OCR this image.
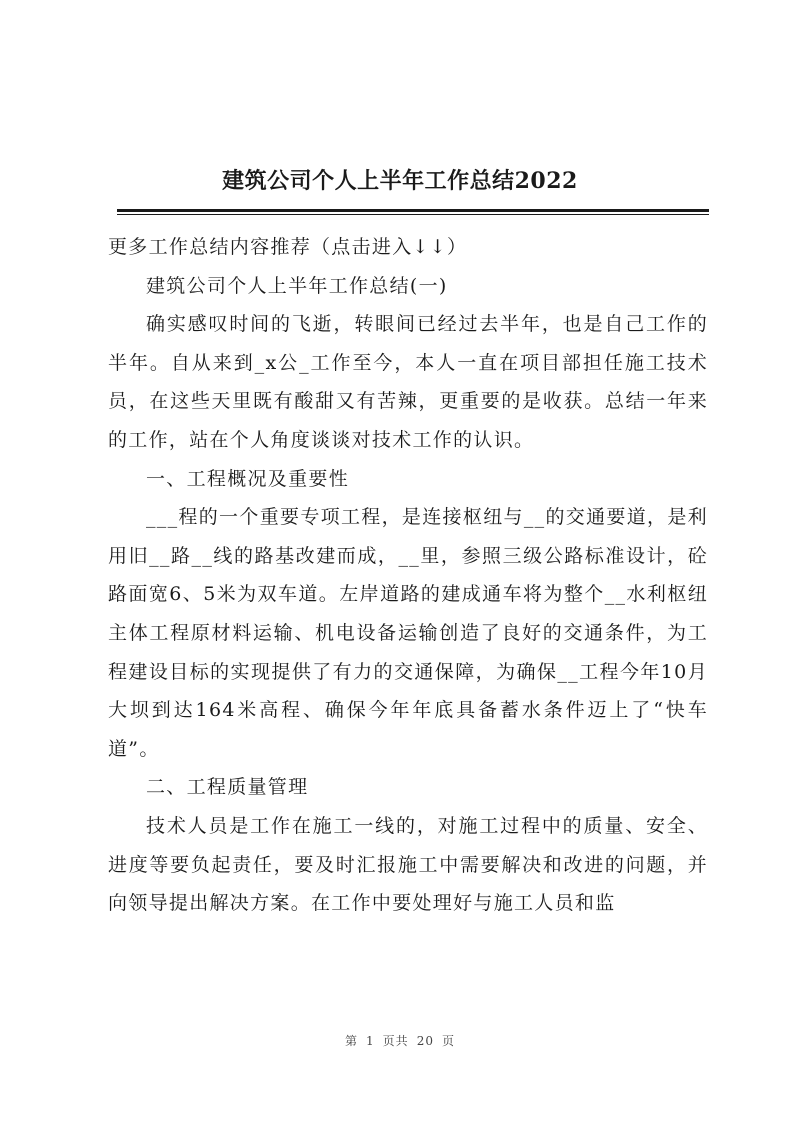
建筑公司个人上半年工作总结2022

更多工作总结内容推荐（点击进入↓↓）

建筑公司个人上半年工作总结(一)

确实感叹时间的飞逝，转眼间已经过去半年，也是自己工作的半年。自从来到_x公_工作至今，本人一直在项目部担任施工技术员，在这些天里既有酸甜又有苦辣，更重要的是收获。总结一年来的工作，站在个人角度谈谈对技术工作的认识。

一、工程概况及重要性

___程的一个重要专项工程，是连接枢纽与__的交通要道，是利用旧__路__线的路基改建而成，__里，参照三级公路标准设计，砼路面宽6、5米为双车道。左岸道路的建成通车将为整个__水利枢纽主体工程原材料运输、机电设备运输创造了良好的交通条件，为工程建设目标的实现提供了有力的交通保障，为确保__工程今年10月大坝到达164米高程、确保今年年底具备蓄水条件迈上了“快车道”。

二、工程质量管理

技术人员是工作在施工一线的，对施工过程中的质量、安全、进度等要负起责任，要及时汇报施工中需要解决和改进的问题，并向领导提出解决方案。在工作中要处理好与施工人员和监

第 1 页共 20 页
